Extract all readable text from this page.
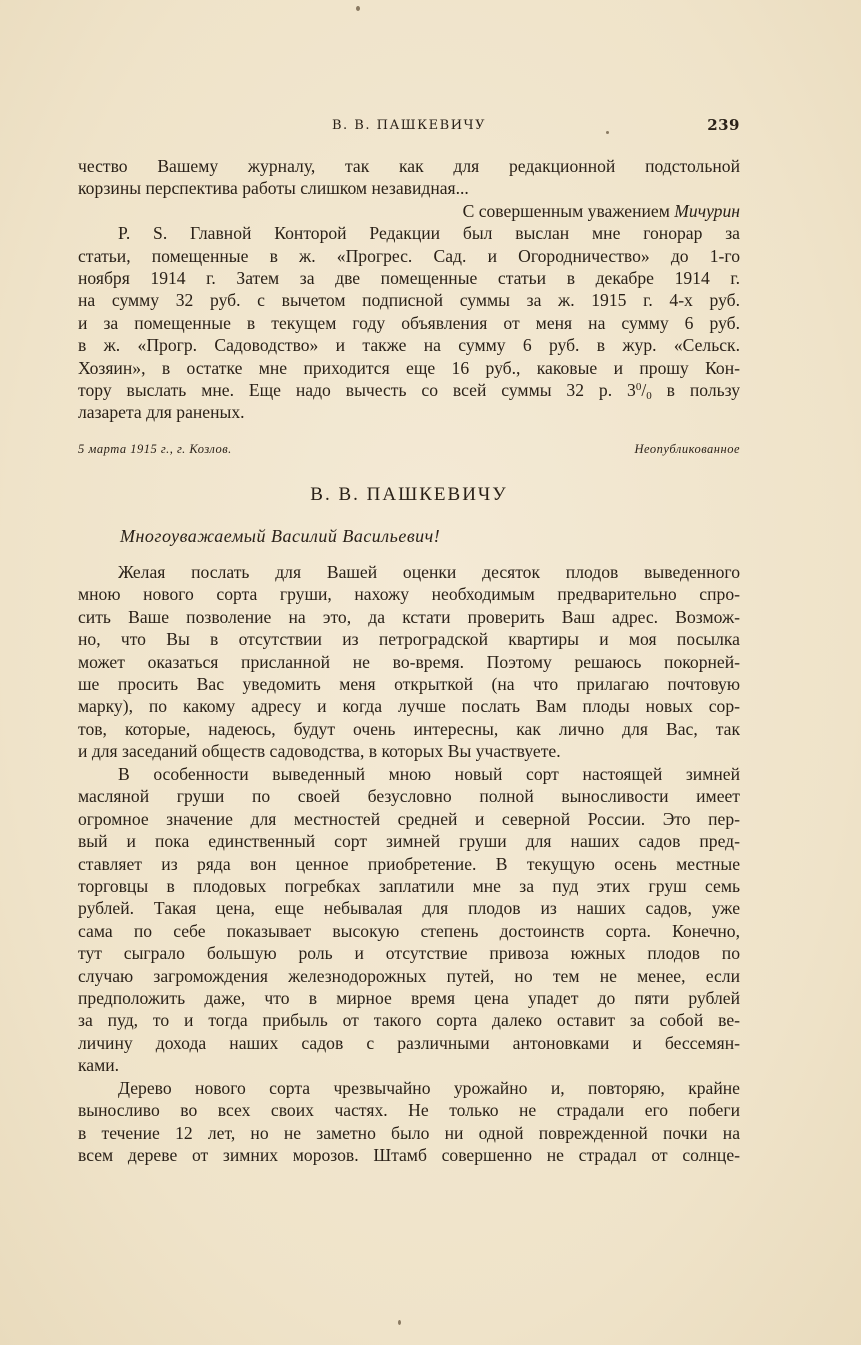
В. В. ПАШКЕВИЧУ	239
чество Вашему журналу, так как для редакционной подстольной
корзины перспектива работы слишком незавидная...
С совершенным уважением Мичурин
P. S. Главной Конторой Редакции был выслан мне гонорар за
статьи, помещенные в ж. «Прогрес. Сад. и Огородничество» до 1-го
ноября 1914 г. Затем за две помещенные статьи в декабре 1914 г.
на сумму 32 руб. с вычетом подписной суммы за ж. 1915 г. 4-х руб.
и за помещенные в текущем году объявления от меня на сумму 6 руб.
в ж. «Прогр. Садоводство» и также на сумму 6 руб. в жур. «Сельск.
Хозяин», в остатке мне приходится еще 16 руб., каковые и прошу Кон-
тору выслать мне. Еще надо вычесть со всей суммы 32 р. $3^0/_0$ в пользу
лазарета для раненых.
5 марта 1915 г., г. Козлов.	Неопубликованное
В. В. ПАШКЕВИЧУ
Многоуважаемый Василий Васильевич!
Желая послать для Вашей оценки десяток плодов выведенного
мною нового сорта груши, нахожу необходимым предварительно спро-
сить Ваше позволение на это, да кстати проверить Ваш адрес. Возмож-
но, что Вы в отсутствии из петроградской квартиры и моя посылка
может оказаться присланной не во-время. Поэтому решаюсь покорней-
ше просить Вас уведомить меня открыткой (на что прилагаю почтовую
марку), по какому адресу и когда лучше послать Вам плоды новых сор-
тов, которые, надеюсь, будут очень интересны, как лично для Вас, так
и для заседаний обществ садоводства, в которых Вы участвуете.
В особенности выведенный мною новый сорт настоящей зимней
масляной груши по своей безусловно полной выносливости имеет
огромное значение для местностей средней и северной России. Это пер-
вый и пока единственный сорт зимней груши для наших садов пред-
ставляет из ряда вон ценное приобретение. В текущую осень местные
торговцы в плодовых погребках заплатили мне за пуд этих груш семь
рублей. Такая цена, еще небывалая для плодов из наших садов, уже
сама по себе показывает высокую степень достоинств сорта. Конечно,
тут сыграло большую роль и отсутствие привоза южных плодов по
случаю загромождения железнодорожных путей, но тем не менее, если
предположить даже, что в мирное время цена упадет до пяти рублей
за пуд, то и тогда прибыль от такого сорта далеко оставит за собой ве-
личину дохода наших садов с различными антоновками и бессемян-
ками.
Дерево нового сорта чрезвычайно урожайно и, повторяю, крайне
выносливо во всех своих частях. Не только не страдали его побеги
в течение 12 лет, но не заметно было ни одной поврежденной почки на
всем дереве от зимних морозов. Штамб совершенно не страдал от солнце-
